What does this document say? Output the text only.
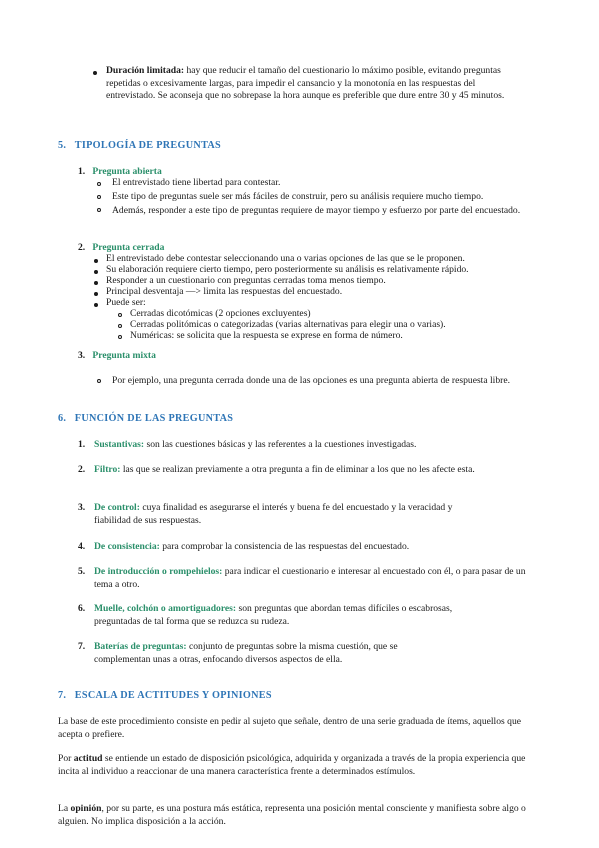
Duración limitada: hay que reducir el tamaño del cuestionario lo máximo posible, evitando preguntas repetidas o excesivamente largas, para impedir el cansancio y la monotonía en las respuestas del entrevistado. Se aconseja que no sobrepase la hora aunque es preferible que dure entre 30 y 45 minutos.

5. TIPOLOGÍA DE PREGUNTAS
1. Pregunta abierta

El entrevistado tiene libertad para contestar.

Este tipo de preguntas suele ser más fáciles de construir, pero su análisis requiere mucho tiempo.

Además, responder a este tipo de preguntas requiere de mayor tiempo y esfuerzo por parte del encuestado.

2. Pregunta cerrada

El entrevistado debe contestar seleccionando una o varias opciones de las que se le proponen.

Su elaboración requiere cierto tiempo, pero posteriormente su análisis es relativamente rápido.

Responder a un cuestionario con preguntas cerradas toma menos tiempo.

Principal desventaja —> limita las respuestas del encuestado.

Puede ser:

Cerradas dicotómicas (2 opciones excluyentes)

Cerradas politómicas o categorizadas (varias alternativas para elegir una o varias).

Numéricas: se solicita que la respuesta se exprese en forma de número.

3. Pregunta mixta

Por ejemplo, una pregunta cerrada donde una de las opciones es una pregunta abierta de respuesta libre.

6. FUNCIÓN DE LAS PREGUNTAS
1. Sustantivas: son las cuestiones básicas y las referentes a la cuestiones investigadas.
2. Filtro: las que se realizan previamente a otra pregunta a fin de eliminar a los que no les afecte esta.
3. De control: cuya finalidad es asegurarse el interés y buena fe del encuestado y la veracidad y fiabilidad de sus respuestas.
4. De consistencia: para comprobar la consistencia de las respuestas del encuestado.
5. De introducción o rompehielos: para indicar el cuestionario e interesar al encuestado con él, o para pasar de un tema a otro.
6. Muelle, colchón o amortiguadores: son preguntas que abordan temas difíciles o escabrosas, preguntadas de tal forma que se reduzca su rudeza.
7. Baterías de preguntas: conjunto de preguntas sobre la misma cuestión, que se complementan unas a otras, enfocando diversos aspectos de ella.
7. ESCALA DE ACTITUDES Y OPINIONES

La base de este procedimiento consiste en pedir al sujeto que señale, dentro de una serie graduada de ítems, aquellos que acepta o prefiere.

Por actitud se entiende un estado de disposición psicológica, adquirida y organizada a través de la propia experiencia que incita al individuo a reaccionar de una manera característica frente a determinados estímulos.

La opinión, por su parte, es una postura más estática, representa una posición mental consciente y manifiesta sobre algo o alguien. No implica disposición a la acción.
